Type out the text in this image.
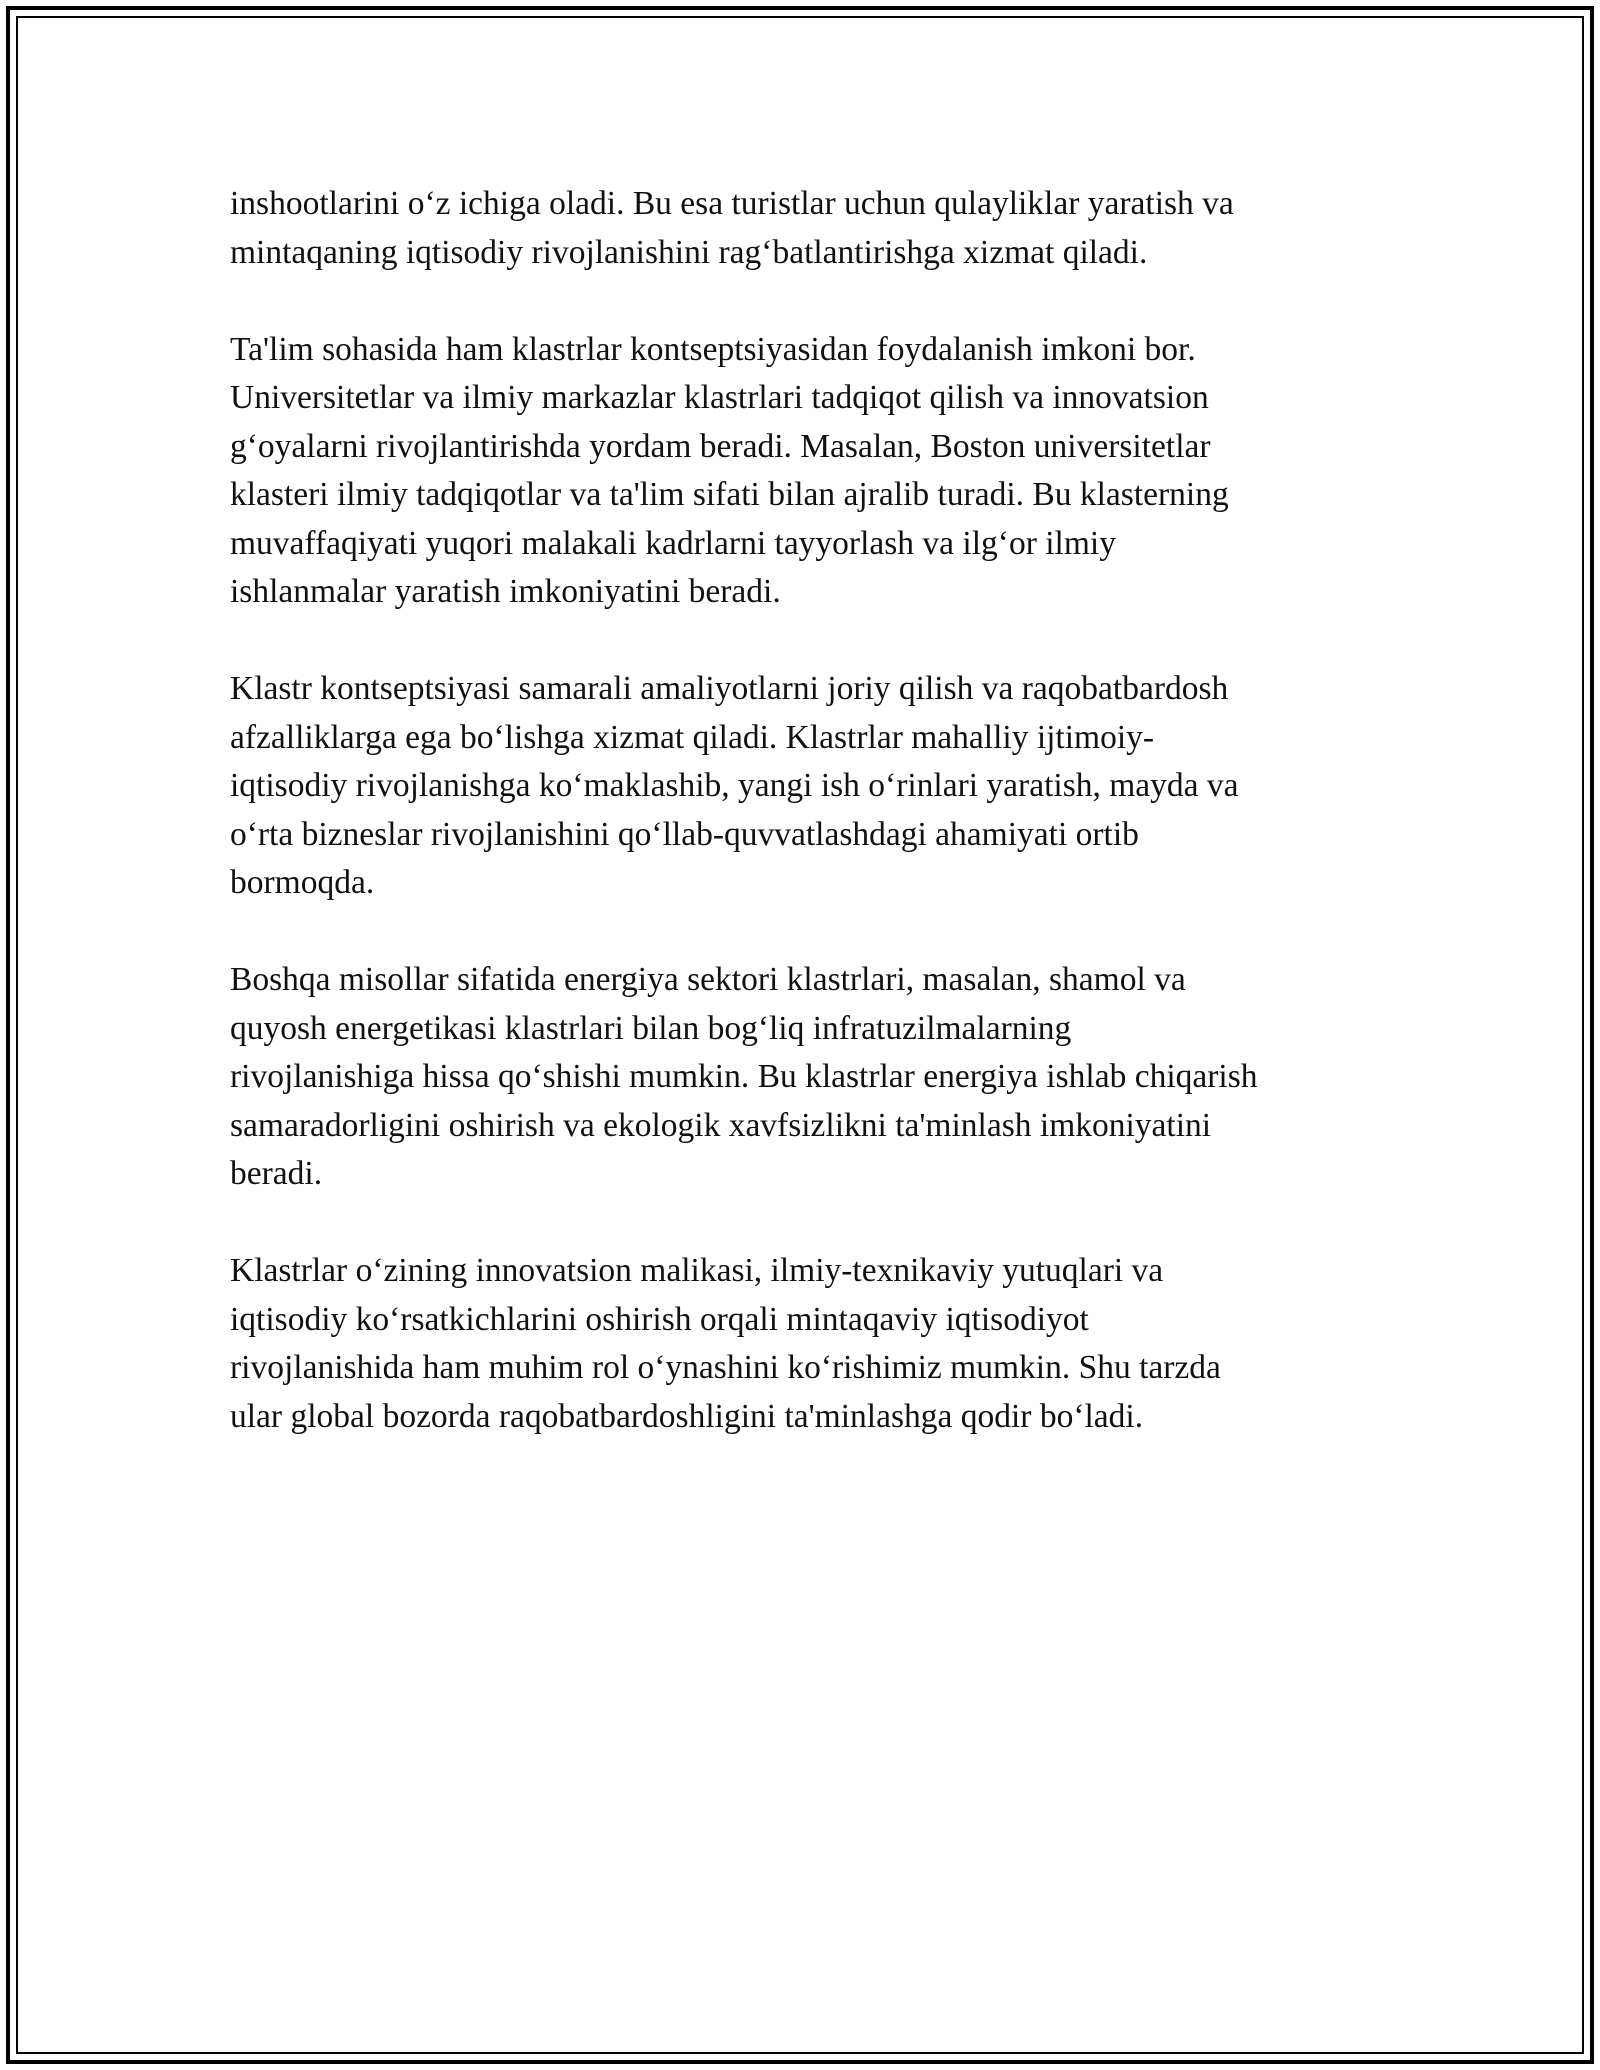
inshootlarini o‘z ichiga oladi. Bu esa turistlar uchun qulayliklar yaratish va
mintaqaning iqtisodiy rivojlanishini rag‘batlantirishga xizmat qiladi.

Ta'lim sohasida ham klastrlar kontseptsiyasidan foydalanish imkoni bor.
Universitetlar va ilmiy markazlar klastrlari tadqiqot qilish va innovatsion
g‘oyalarni rivojlantirishda yordam beradi. Masalan, Boston universitetlar
klasteri ilmiy tadqiqotlar va ta'lim sifati bilan ajralib turadi. Bu klasterning
muvaffaqiyati yuqori malakali kadrlarni tayyorlash va ilg‘or ilmiy
ishlanmalar yaratish imkoniyatini beradi.

Klastr kontseptsiyasi samarali amaliyotlarni joriy qilish va raqobatbardosh
afzalliklarga ega bo‘lishga xizmat qiladi. Klastrlar mahalliy ijtimoiy-
iqtisodiy rivojlanishga ko‘maklashib, yangi ish o‘rinlari yaratish, mayda va
o‘rta bizneslar rivojlanishini qo‘llab-quvvatlashdagi ahamiyati ortib
bormoqda.

Boshqa misollar sifatida energiya sektori klastrlari, masalan, shamol va
quyosh energetikasi klastrlari bilan bog‘liq infratuzilmalarning
rivojlanishiga hissa qo‘shishi mumkin. Bu klastrlar energiya ishlab chiqarish
samaradorligini oshirish va ekologik xavfsizlikni ta'minlash imkoniyatini
beradi.

Klastrlar o‘zining innovatsion malikasi, ilmiy-texnikaviy yutuqlari va
iqtisodiy ko‘rsatkichlarini oshirish orqali mintaqaviy iqtisodiyot
rivojlanishida ham muhim rol o‘ynashini ko‘rishimiz mumkin. Shu tarzda
ular global bozorda raqobatbardoshligini ta'minlashga qodir bo‘ladi.
